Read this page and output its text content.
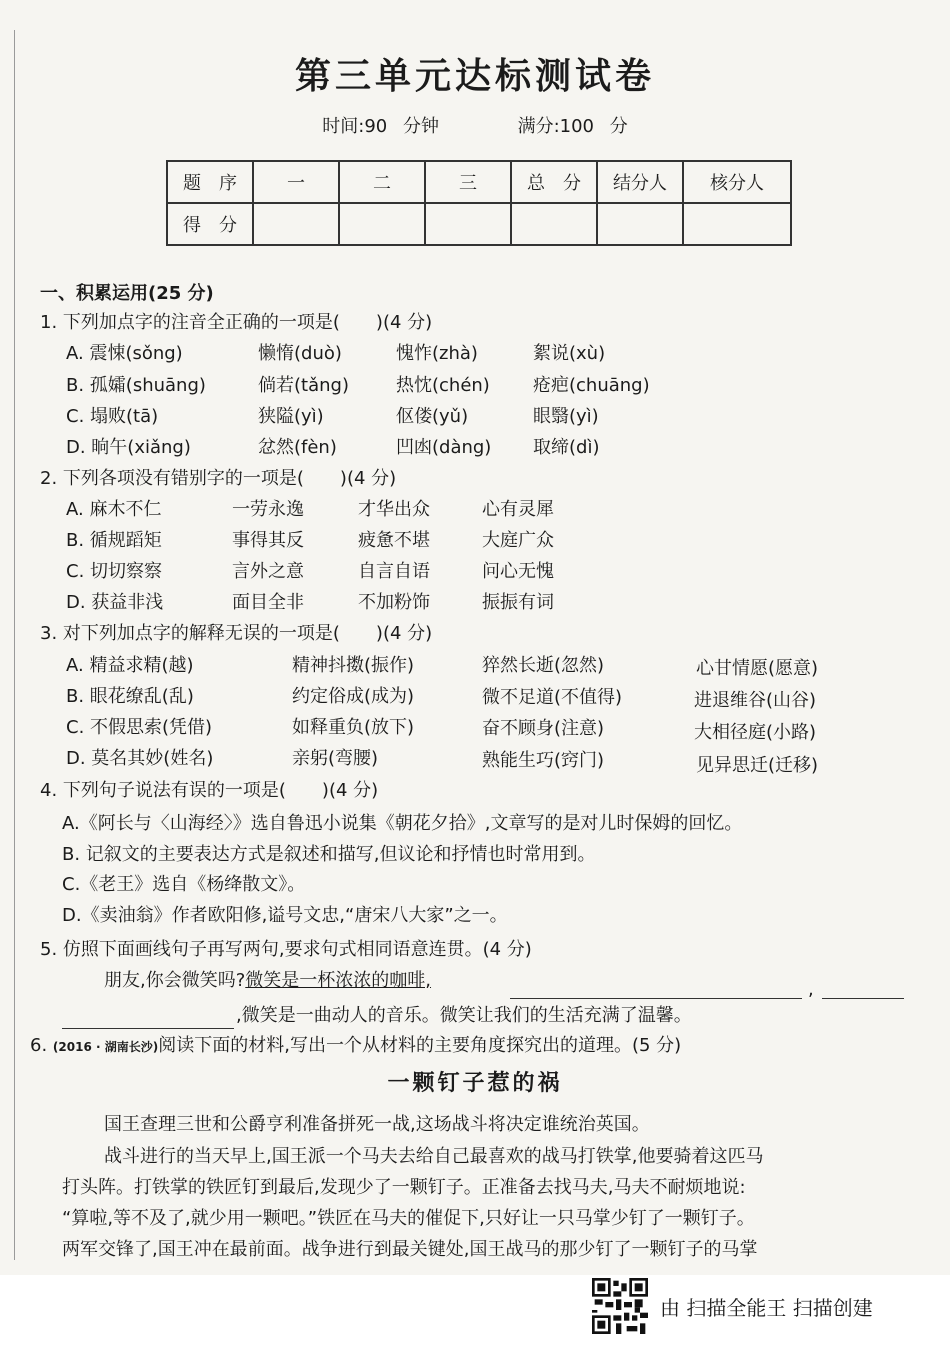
第三单元达标测试卷
时间:90 分钟	满分:100 分
题　序	一	二	三	总　分	结分人	核分人
得　分						
一、积累运用(25 分)
1. 下列加点字的注音全正确的一项是(　　)(4 分)
A. 震悚(sǒng)	懒惰(duò)	愧怍(zhà)	絮说(xù)
B. 孤孀(shuāng)	倘若(tǎng)	热忱(chén) 疮疤(chuāng)
C. 塌败(tā)	狭隘(yì)	伛偻(yǔ)	眼翳(yì)
D. 晌午(xiǎng)	忿然(fèn)	凹凼(dàng) 取缔(dì)
2. 下列各项没有错别字的一项是(　　)(4 分)
A. 麻木不仁	一劳永逸	才华出众	心有灵犀
B. 循规蹈矩	事得其反	疲惫不堪	大庭广众
C. 切切察察	言外之意	自言自语	问心无愧
D. 获益非浅	面目全非	不加粉饰	振振有词
3. 对下列加点字的解释无误的一项是(　　)(4 分)
A. 精益求精(越)	精神抖擞(振作)	猝然长逝(忽然)	心甘情愿(愿意)
B. 眼花缭乱(乱)	约定俗成(成为)	微不足道(不值得)	进退维谷(山谷)
C. 不假思索(凭借)	如释重负(放下)	奋不顾身(注意)	大相径庭(小路)
D. 莫名其妙(姓名)	亲躬(弯腰)	熟能生巧(窍门)	见异思迁(迁移)
4. 下列句子说法有误的一项是(　　)(4 分)
A.《阿长与〈山海经〉》选自鲁迅小说集《朝花夕拾》,文章写的是对儿时保姆的回忆。
B. 记叙文的主要表达方式是叙述和描写,但议论和抒情也时常用到。
C.《老王》选自《杨绛散文》。
D.《卖油翁》作者欧阳修,谥号文忠,“唐宋八大家”之一。
5. 仿照下面画线句子再写两句,要求句式相同语意连贯。(4 分)
朋友,你会微笑吗?微笑是一杯浓浓的咖啡,	,
,微笑是一曲动人的音乐。微笑让我们的生活充满了温馨。
6. (2016 · 湖南长沙)阅读下面的材料,写出一个从材料的主要角度探究出的道理。(5 分)
一颗钉子惹的祸
国王查理三世和公爵亨利准备拼死一战,这场战斗将决定谁统治英国。
战斗进行的当天早上,国王派一个马夫去给自己最喜欢的战马打铁掌,他要骑着这匹马
打头阵。打铁掌的铁匠钉到最后,发现少了一颗钉子。正准备去找马夫,马夫不耐烦地说:
“算啦,等不及了,就少用一颗吧。”铁匠在马夫的催促下,只好让一只马掌少钉了一颗钉子。
两军交锋了,国王冲在最前面。战争进行到最关键处,国王战马的那少钉了一颗钉子的马掌
由 扫描全能王 扫描创建
